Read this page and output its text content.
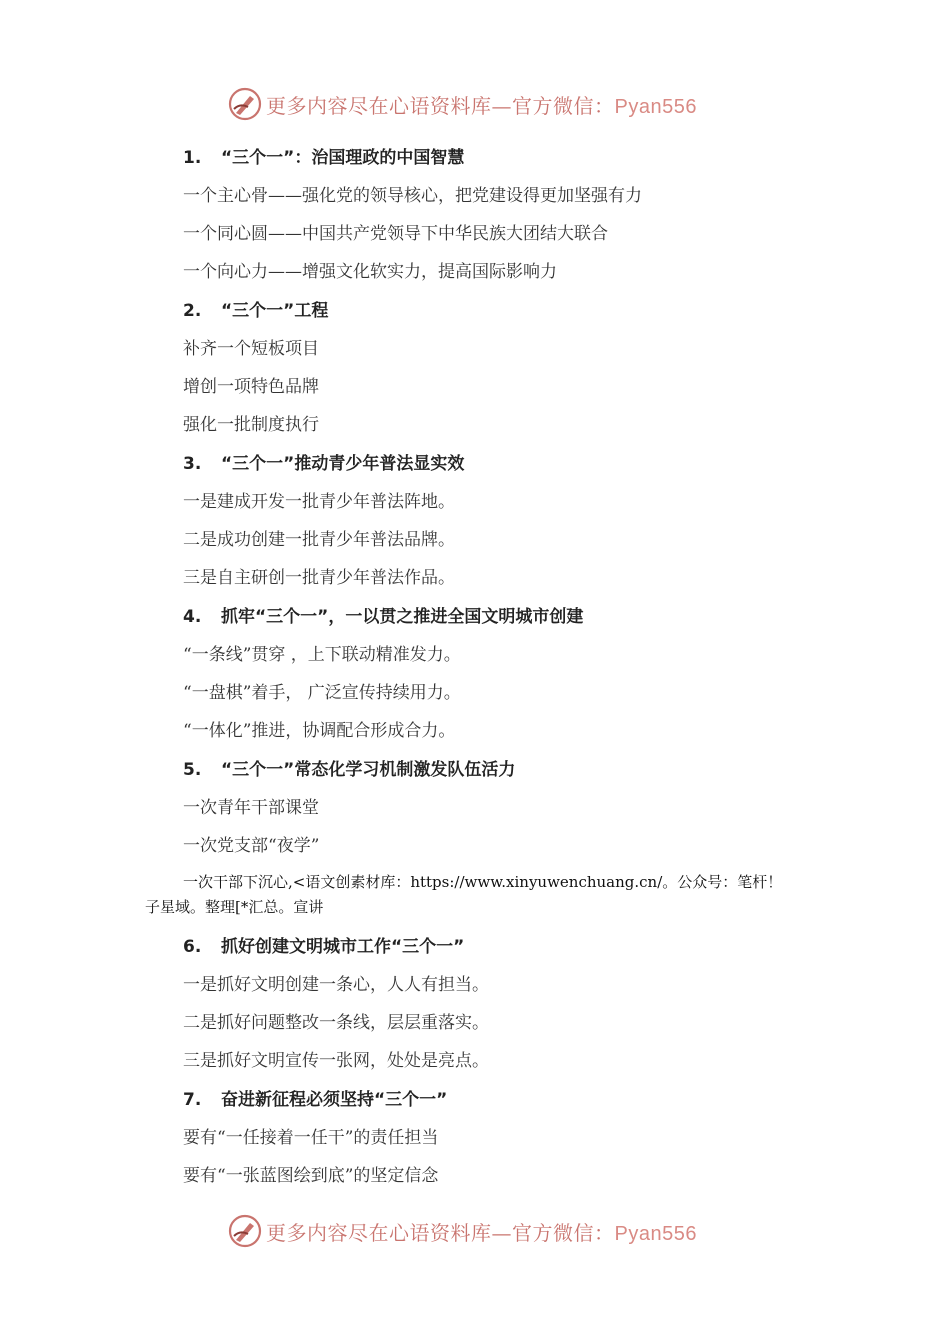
更多内容尽在心语资料库—官方微信：Pyan556
1. “三个一”：治国理政的中国智慧
一个主心骨——强化党的领导核心，把党建设得更加坚强有力
一个同心圆——中国共产党领导下中华民族大团结大联合
一个向心力——增强文化软实力，提高国际影响力
2. “三个一”工程
补齐一个短板项目
增创一项特色品牌
强化一批制度执行
3. “三个一”推动青少年普法显实效
一是建成开发一批青少年普法阵地。
二是成功创建一批青少年普法品牌。
三是自主研创一批青少年普法作品。
4. 抓牢“三个一”，一以贯之推进全国文明城市创建
“一条线”贯穿 ，上下联动精准发力。
“一盘棋”着手， 广泛宣传持续用力。
“一体化”推进，协调配合形成合力。
5. “三个一”常态化学习机制激发队伍活力
一次青年干部课堂
一次党支部“夜学”
一次干部下沉心,<语文创素材库：https://www.xinyuwenchuang.cn/。公众号：笔杆！
子星域。整理[*汇总。宣讲
6. 抓好创建文明城市工作“三个一”
一是抓好文明创建一条心，人人有担当。
二是抓好问题整改一条线，层层重落实。
三是抓好文明宣传一张网，处处是亮点。
7. 奋进新征程必须坚持“三个一”
要有“一任接着一任干”的责任担当
要有“一张蓝图绘到底”的坚定信念
更多内容尽在心语资料库—官方微信：Pyan556
